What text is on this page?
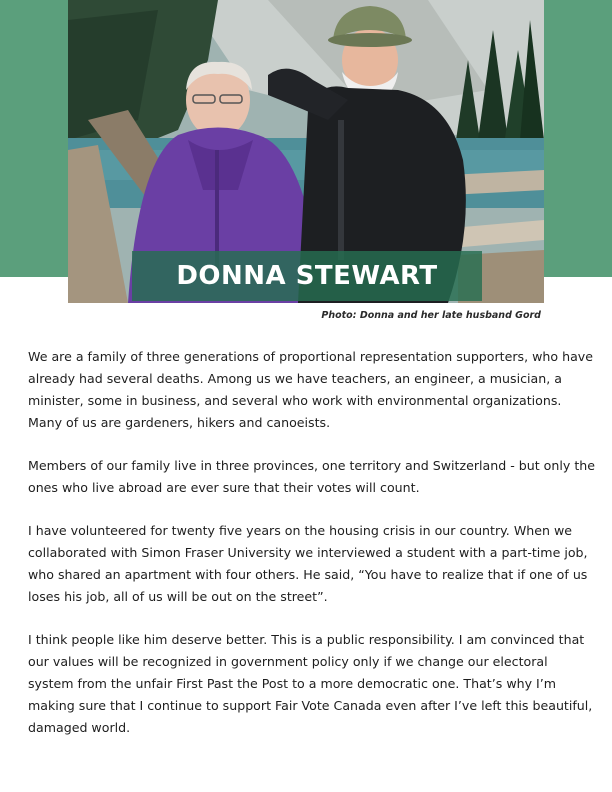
DONNA STEWART
Photo: Donna and her late husband Gord

We are a family of three generations of proportional representation supporters, who have already had several deaths. Among us we have teachers, an engineer, a musician, a minister, some in business, and several who work with environmental organizations. Many of us are gardeners, hikers and canoeists.

Members of our family live in three provinces, one territory and Switzerland - but only the ones who live abroad are ever sure that their votes will count.

I have volunteered for twenty five years on the housing crisis in our country. When we collaborated with Simon Fraser University we interviewed a student with a part-time job, who shared an apartment with four others. He said, “You have to realize that if one of us loses his job, all of us will be out on the street”.

I think people like him deserve better. This is a public responsibility. I am convinced that our values will be recognized in government policy only if we change our electoral system from the unfair First Past the Post to a more democratic one. That’s why I’m making sure that I continue to support Fair Vote Canada even after I’ve left this beautiful, damaged world.
